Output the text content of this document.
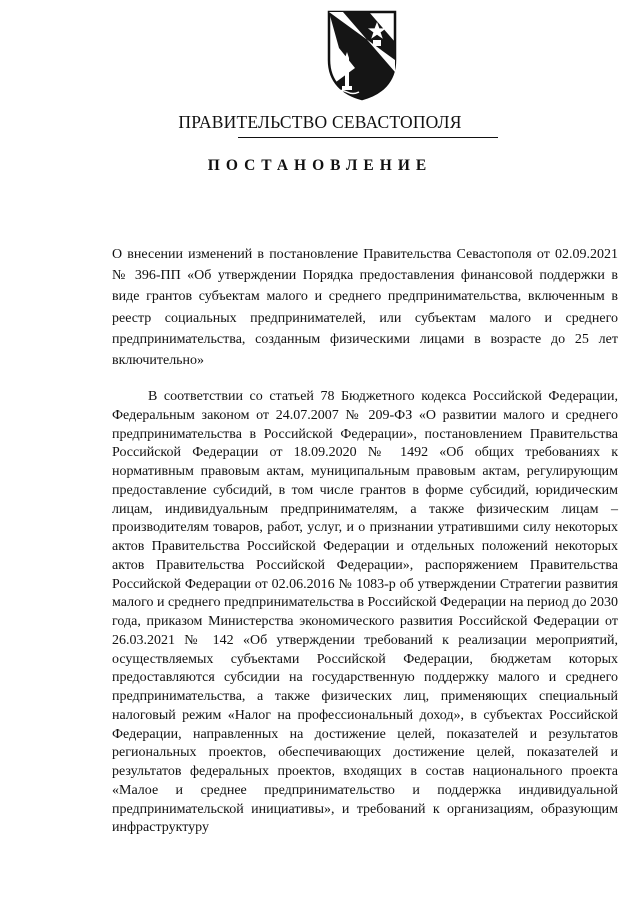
ПРАВИТЕЛЬСТВО СЕВАСТОПОЛЯ
ПОСТАНОВЛЕНИЕ
О внесении изменений в постановление Правительства Севастополя от 02.09.2021 № 396-ПП «Об утверждении Порядка предоставления финансовой поддержки в виде грантов субъектам малого и среднего предпринимательства, включенным в реестр социальных предпринимателей, или субъектам малого и среднего предпринимательства, созданным физическими лицами в возрасте до 25 лет включительно»
В соответствии со статьей 78 Бюджетного кодекса Российской Федерации, Федеральным законом от 24.07.2007 № 209-ФЗ «О развитии малого и среднего предпринимательства в Российской Федерации», постановлением Правительства Российской Федерации от 18.09.2020 № 1492 «Об общих требованиях к нормативным правовым актам, муниципальным правовым актам, регулирующим предоставление субсидий, в том числе грантов в форме субсидий, юридическим лицам, индивидуальным предпринимателям, а также физическим лицам – производителям товаров, работ, услуг, и о признании утратившими силу некоторых актов Правительства Российской Федерации и отдельных положений некоторых актов Правительства Российской Федерации», распоряжением Правительства Российской Федерации от 02.06.2016 № 1083-р об утверждении Стратегии развития малого и среднего предпринимательства в Российской Федерации на период до 2030 года, приказом Министерства экономического развития Российской Федерации от 26.03.2021 № 142 «Об утверждении требований к реализации мероприятий, осуществляемых субъектами Российской Федерации, бюджетам которых предоставляются субсидии на государственную поддержку малого и среднего предпринимательства, а также физических лиц, применяющих специальный налоговый режим «Налог на профессиональный доход», в субъектах Российской Федерации, направленных на достижение целей, показателей и результатов региональных проектов, обеспечивающих достижение целей, показателей и результатов федеральных проектов, входящих в состав национального проекта «Малое и среднее предпринимательство и поддержка индивидуальной предпринимательской инициативы», и требований к организациям, образующим инфраструктуру
